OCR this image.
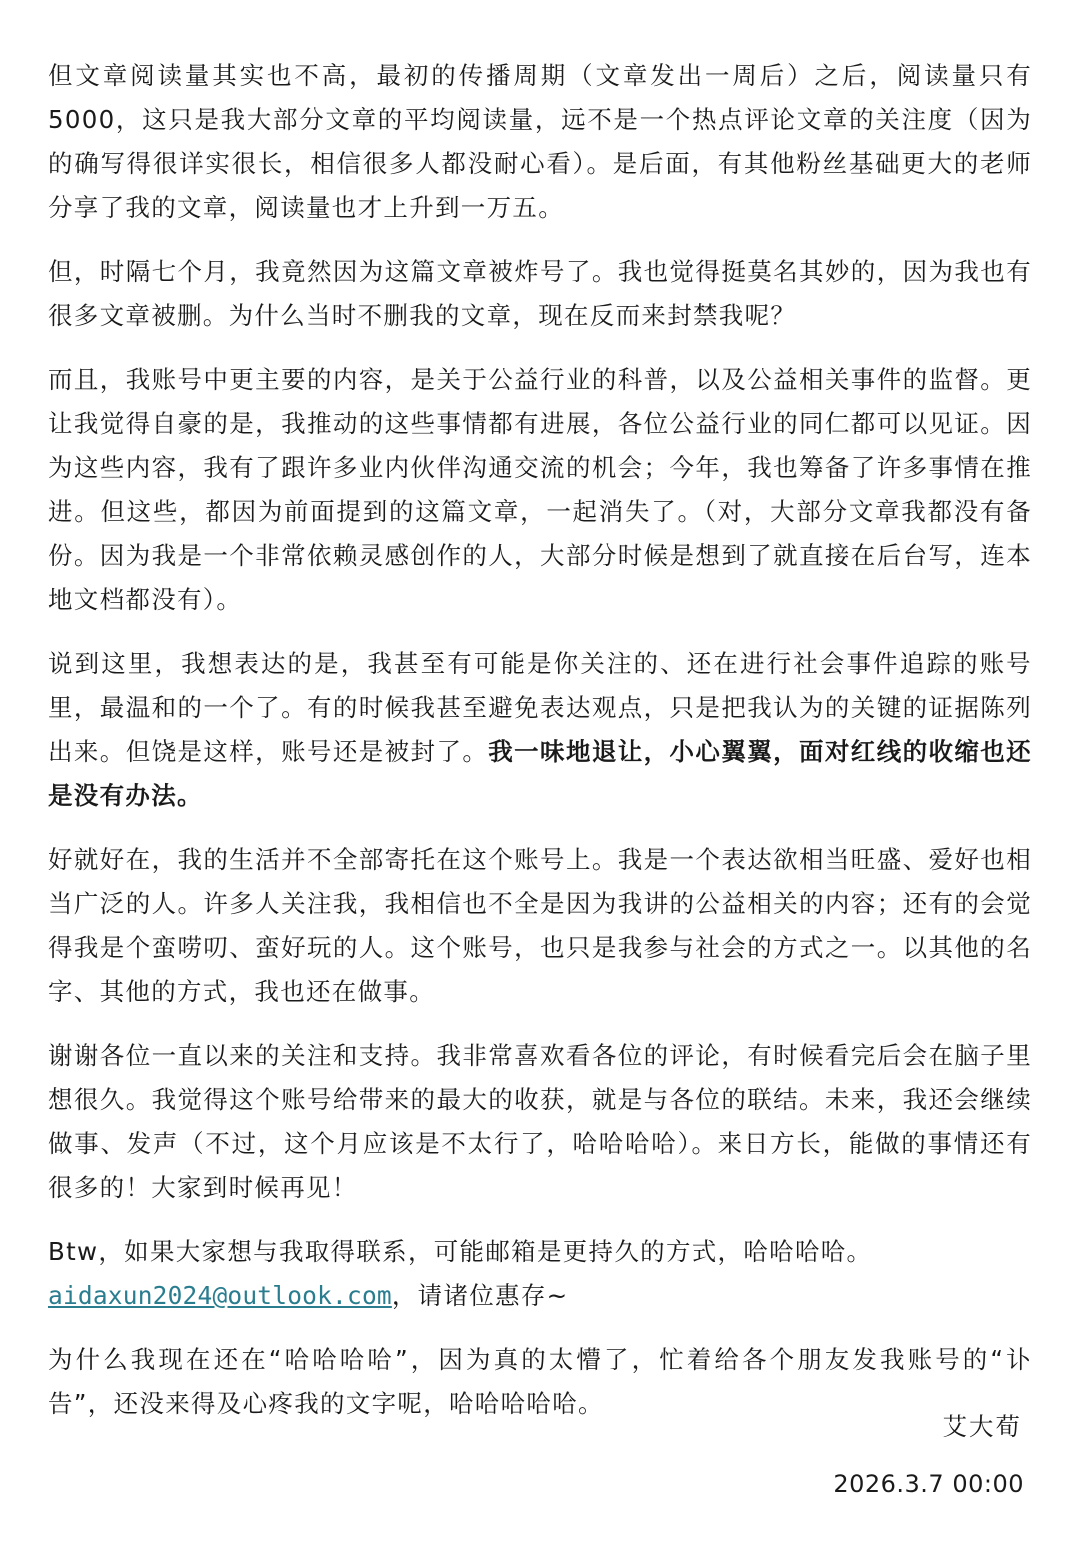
但文章阅读量其实也不高，最初的传播周期（文章发出一周后）之后，阅读量只有5000，这只是我大部分文章的平均阅读量，远不是一个热点评论文章的关注度（因为的确写得很详实很长，相信很多人都没耐心看）。是后面，有其他粉丝基础更大的老师分享了我的文章，阅读量也才上升到一万五。

但，时隔七个月，我竟然因为这篇文章被炸号了。我也觉得挺莫名其妙的，因为我也有很多文章被删。为什么当时不删我的文章，现在反而来封禁我呢？

而且，我账号中更主要的内容，是关于公益行业的科普，以及公益相关事件的监督。更让我觉得自豪的是，我推动的这些事情都有进展，各位公益行业的同仁都可以见证。因为这些内容，我有了跟许多业内伙伴沟通交流的机会；今年，我也筹备了许多事情在推进。但这些，都因为前面提到的这篇文章，一起消失了。（对，大部分文章我都没有备份。因为我是一个非常依赖灵感创作的人，大部分时候是想到了就直接在后台写，连本地文档都没有）。

说到这里，我想表达的是，我甚至有可能是你关注的、还在进行社会事件追踪的账号里，最温和的一个了。有的时候我甚至避免表达观点，只是把我认为的关键的证据陈列出来。但饶是这样，账号还是被封了。我一味地退让，小心翼翼，面对红线的收缩也还是没有办法。

好就好在，我的生活并不全部寄托在这个账号上。我是一个表达欲相当旺盛、爱好也相当广泛的人。许多人关注我，我相信也不全是因为我讲的公益相关的内容；还有的会觉得我是个蛮唠叨、蛮好玩的人。这个账号，也只是我参与社会的方式之一。以其他的名字、其他的方式，我也还在做事。

谢谢各位一直以来的关注和支持。我非常喜欢看各位的评论，有时候看完后会在脑子里想很久。我觉得这个账号给带来的最大的收获，就是与各位的联结。未来，我还会继续做事、发声（不过，这个月应该是不太行了，哈哈哈哈）。来日方长，能做的事情还有很多的！大家到时候再见！

Btw，如果大家想与我取得联系，可能邮箱是更持久的方式，哈哈哈哈。
aidaxun2024@outlook.com，请诸位惠存~

为什么我现在还在“哈哈哈哈”，因为真的太懵了，忙着给各个朋友发我账号的“讣告”，还没来得及心疼我的文字呢，哈哈哈哈哈。

艾大荀
2026.3.7 00:00
